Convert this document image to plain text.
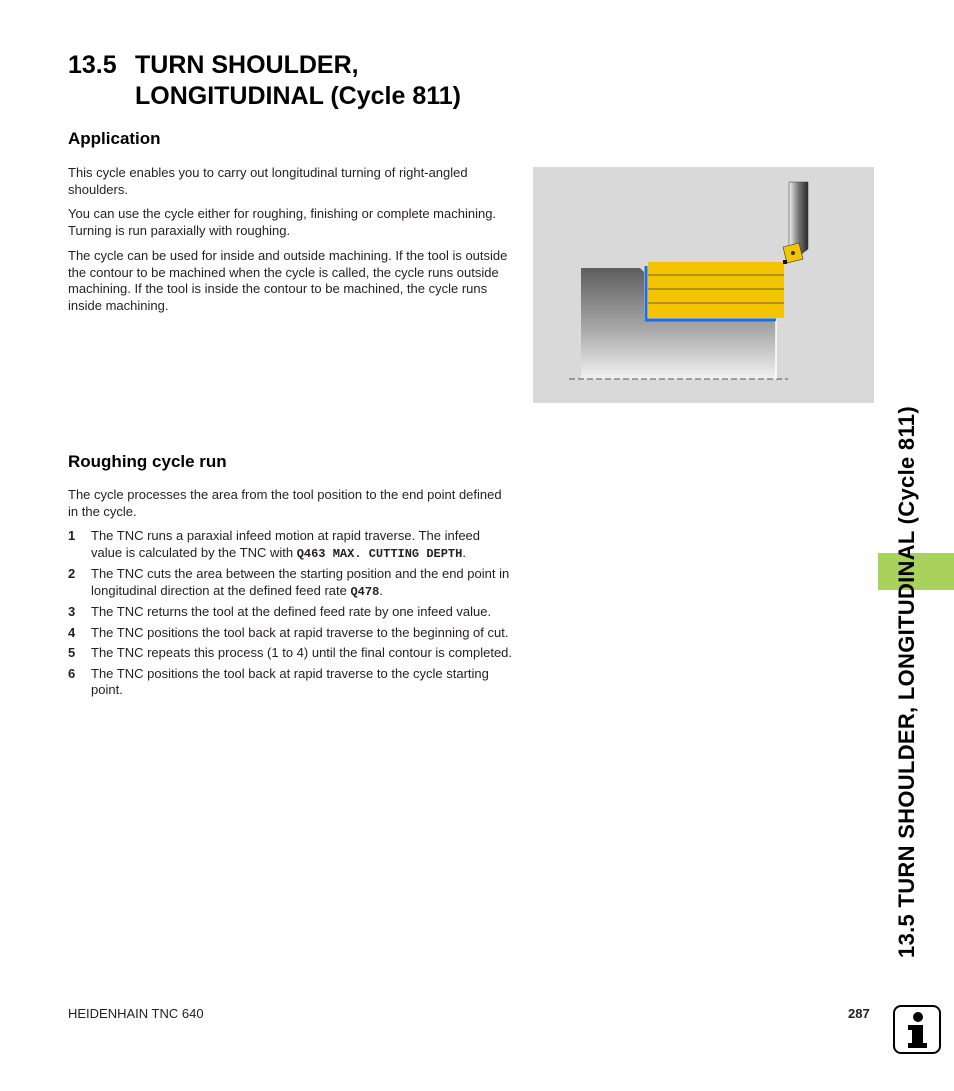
13.5 TURN SHOULDER,
LONGITUDINAL (Cycle 811)
Application

This cycle enables you to carry out longitudinal turning of right-angled shoulders.

You can use the cycle either for roughing, finishing or complete machining. Turning is run paraxially with roughing.

The cycle can be used for inside and outside machining. If the tool is outside the contour to be machined when the cycle is called, the cycle runs outside machining. If the tool is inside the contour to be machined, the cycle runs inside machining.

Roughing cycle run

The cycle processes the area from the tool position to the end point defined in the cycle.

1	The TNC runs a paraxial infeed motion at rapid traverse. The infeed value is calculated by the TNC with Q463 MAX. CUTTING DEPTH.
2	The TNC cuts the area between the starting position and the end point in longitudinal direction at the defined feed rate Q478.
3	The TNC returns the tool at the defined feed rate by one infeed value.
4	The TNC positions the tool back at rapid traverse to the beginning of cut.
5	The TNC repeats this process (1 to 4) until the final contour is completed.
6	The TNC positions the tool back at rapid traverse to the cycle starting point.	13.5 TURN SHOULDER, LONGITUDINAL (Cycle 811)
HEIDENHAIN TNC 640	287
